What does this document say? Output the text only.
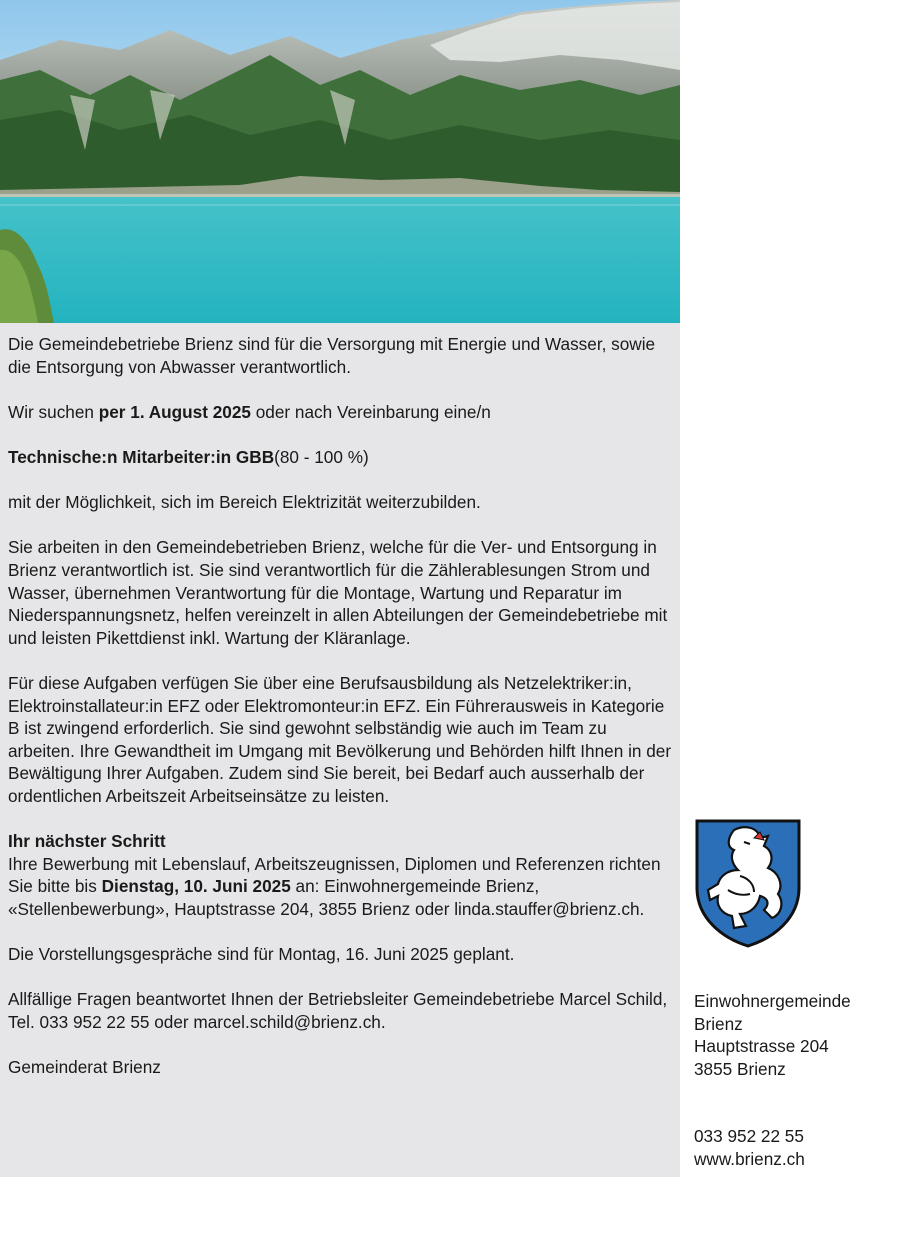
Die Gemeindebetriebe Brienz sind für die Versorgung mit Energie und Wasser, sowie die Entsorgung von Abwasser verantwortlich.

Wir suchen per 1. August 2025 oder nach Vereinbarung eine/n

Technische:n Mitarbeiter:in GBB(80 - 100 %)

mit der Möglichkeit, sich im Bereich Elektrizität weiterzubilden.

Sie arbeiten in den Gemeindebetrieben Brienz, welche für die Ver- und Entsorgung in Brienz verantwortlich ist. Sie sind verantwortlich für die Zählerablesungen Strom und Wasser, übernehmen Verantwortung für die Montage, Wartung und Reparatur im Niederspannungsnetz, helfen vereinzelt in allen Abteilungen der Gemeindebetriebe mit und leisten Pikettdienst inkl. Wartung der Kläranlage.

Für diese Aufgaben verfügen Sie über eine Berufsausbildung als Netzelektriker:in, Elektroinstallateur:in EFZ oder Elektromonteur:in EFZ. Ein Führerausweis in Kategorie B ist zwingend erforderlich. Sie sind gewohnt selbständig wie auch im Team zu arbeiten. Ihre Gewandtheit im Umgang mit Bevölkerung und Behörden hilft Ihnen in der Bewältigung Ihrer Aufgaben. Zudem sind Sie bereit, bei Bedarf auch ausserhalb der ordentlichen Arbeitszeit Arbeitseinsätze zu leisten.

Ihr nächster Schritt
Ihre Bewerbung mit Lebenslauf, Arbeitszeugnissen, Diplomen und Referenzen richten Sie bitte bis Dienstag, 10. Juni 2025 an: Einwohnergemeinde Brienz, «Stellenbewerbung», Hauptstrasse 204, 3855 Brienz oder linda.stauffer@brienz.ch.

Die Vorstellungsgespräche sind für Montag, 16. Juni 2025 geplant.

Allfällige Fragen beantwortet Ihnen der Betriebsleiter Gemeindebetriebe Marcel Schild, Tel. 033 952 22 55 oder marcel.schild@brienz.ch.

Gemeinderat Brienz

Einwohnergemeinde
Brienz
Hauptstrasse 204
3855 Brienz
033 952 22 55
www.brienz.ch
